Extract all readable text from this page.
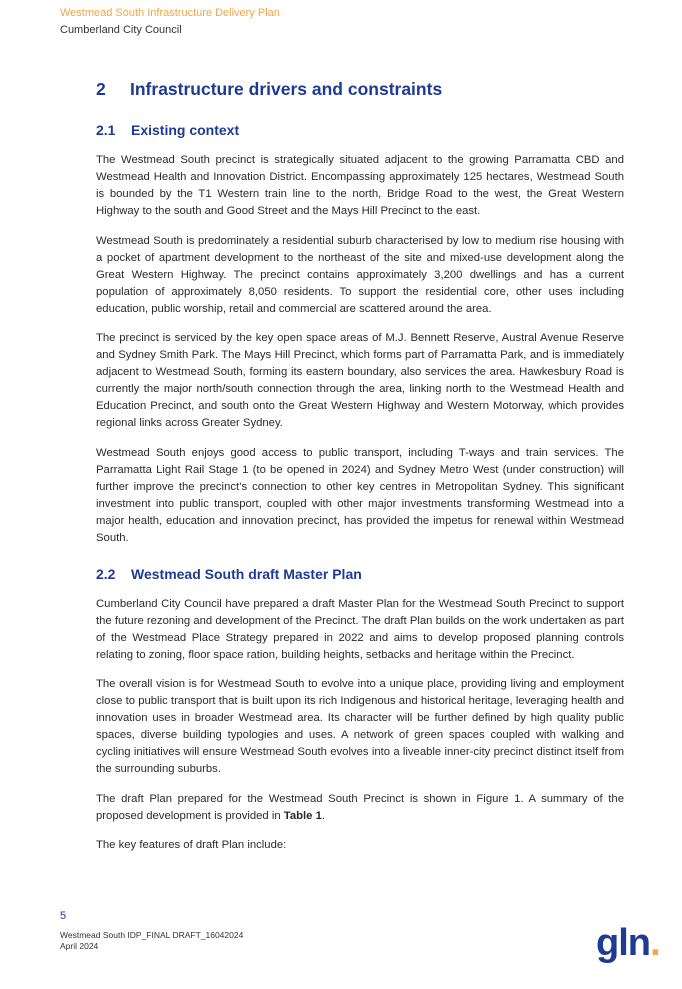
Westmead South Infrastructure Delivery Plan
Cumberland City Council
2	Infrastructure drivers and constraints
2.1	Existing context

The Westmead South precinct is strategically situated adjacent to the growing Parramatta CBD and Westmead Health and Innovation District. Encompassing approximately 125 hectares, Westmead South is bounded by the T1 Western train line to the north, Bridge Road to the west, the Great Western Highway to the south and Good Street and the Mays Hill Precinct to the east.

Westmead South is predominately a residential suburb characterised by low to medium rise housing with a pocket of apartment development to the northeast of the site and mixed-use development along the Great Western Highway. The precinct contains approximately 3,200 dwellings and has a current population of approximately 8,050 residents. To support the residential core, other uses including education, public worship, retail and commercial are scattered around the area.

The precinct is serviced by the key open space areas of M.J. Bennett Reserve, Austral Avenue Reserve and Sydney Smith Park. The Mays Hill Precinct, which forms part of Parramatta Park, and is immediately adjacent to Westmead South, forming its eastern boundary, also services the area. Hawkesbury Road is currently the major north/south connection through the area, linking north to the Westmead Health and Education Precinct, and south onto the Great Western Highway and Western Motorway, which provides regional links across Greater Sydney.

Westmead South enjoys good access to public transport, including T-ways and train services. The Parramatta Light Rail Stage 1 (to be opened in 2024) and Sydney Metro West (under construction) will further improve the precinct’s connection to other key centres in Metropolitan Sydney. This significant investment into public transport, coupled with other major investments transforming Westmead into a major health, education and innovation precinct, has provided the impetus for renewal within Westmead South.

2.2	Westmead South draft Master Plan

Cumberland City Council have prepared a draft Master Plan for the Westmead South Precinct to support the future rezoning and development of the Precinct. The draft Plan builds on the work undertaken as part of the Westmead Place Strategy prepared in 2022 and aims to develop proposed planning controls relating to zoning, floor space ration, building heights, setbacks and heritage within the Precinct.

The overall vision is for Westmead South to evolve into a unique place, providing living and employment close to public transport that is built upon its rich Indigenous and historical heritage, leveraging health and innovation uses in broader Westmead area. Its character will be further defined by high quality public spaces, diverse building typologies and uses. A network of green spaces coupled with walking and cycling initiatives will ensure Westmead South evolves into a liveable inner-city precinct distinct itself from the surrounding suburbs.

The draft Plan prepared for the Westmead South Precinct is shown in Figure 1. A summary of the proposed development is provided in Table 1.

The key features of draft Plan include:

5
Westmead South IDP_FINAL DRAFT_16042024
April 2024	gln.
